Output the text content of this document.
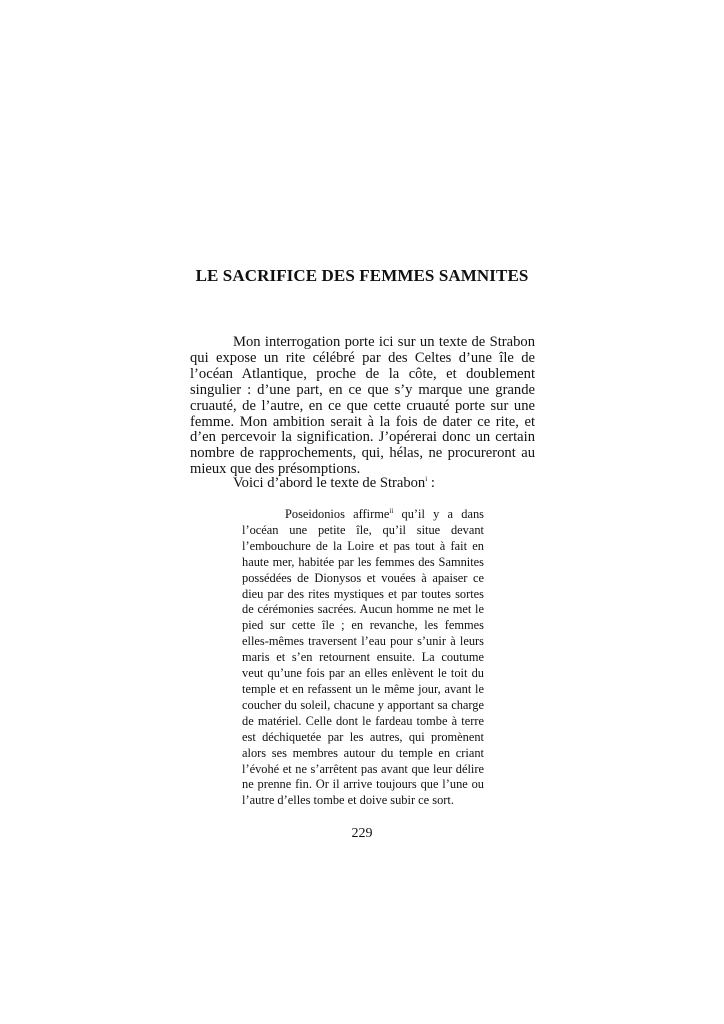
LE SACRIFICE DES FEMMES SAMNITES

Mon interrogation porte ici sur un texte de Strabon qui expose un rite célébré par des Celtes d’une île de l’océan Atlantique, proche de la côte, et doublement singulier : d’une part, en ce que s’y marque une grande cruauté, de l’autre, en ce que cette cruauté porte sur une femme. Mon ambition serait à la fois de dater ce rite, et d’en percevoir la signification. J’opérerai donc un certain nombre de rapprochements, qui, hélas, ne procureront au mieux que des présomptions.

Voici d’abord le texte de Strabon$^i$ :

Poseidonios affirme$^{ii}$ qu’il y a dans l’océan une petite île, qu’il situe devant l’embouchure de la Loire et pas tout à fait en haute mer, habitée par les femmes des Samnites possédées de Dionysos et vouées à apaiser ce dieu par des rites mystiques et par toutes sortes de cérémonies sacrées. Aucun homme ne met le pied sur cette île ; en revanche, les femmes elles-mêmes traversent l’eau pour s’unir à leurs maris et s’en retournent ensuite. La coutume veut qu’une fois par an elles enlèvent le toit du temple et en refassent un le même jour, avant le coucher du soleil, chacune y apportant sa charge de matériel. Celle dont le fardeau tombe à terre est déchiquetée par les autres, qui promènent alors ses membres autour du temple en criant l’évohé et ne s’arrêtent pas avant que leur délire ne prenne fin. Or il arrive toujours que l’une ou l’autre d’elles tombe et doive subir ce sort.

229
